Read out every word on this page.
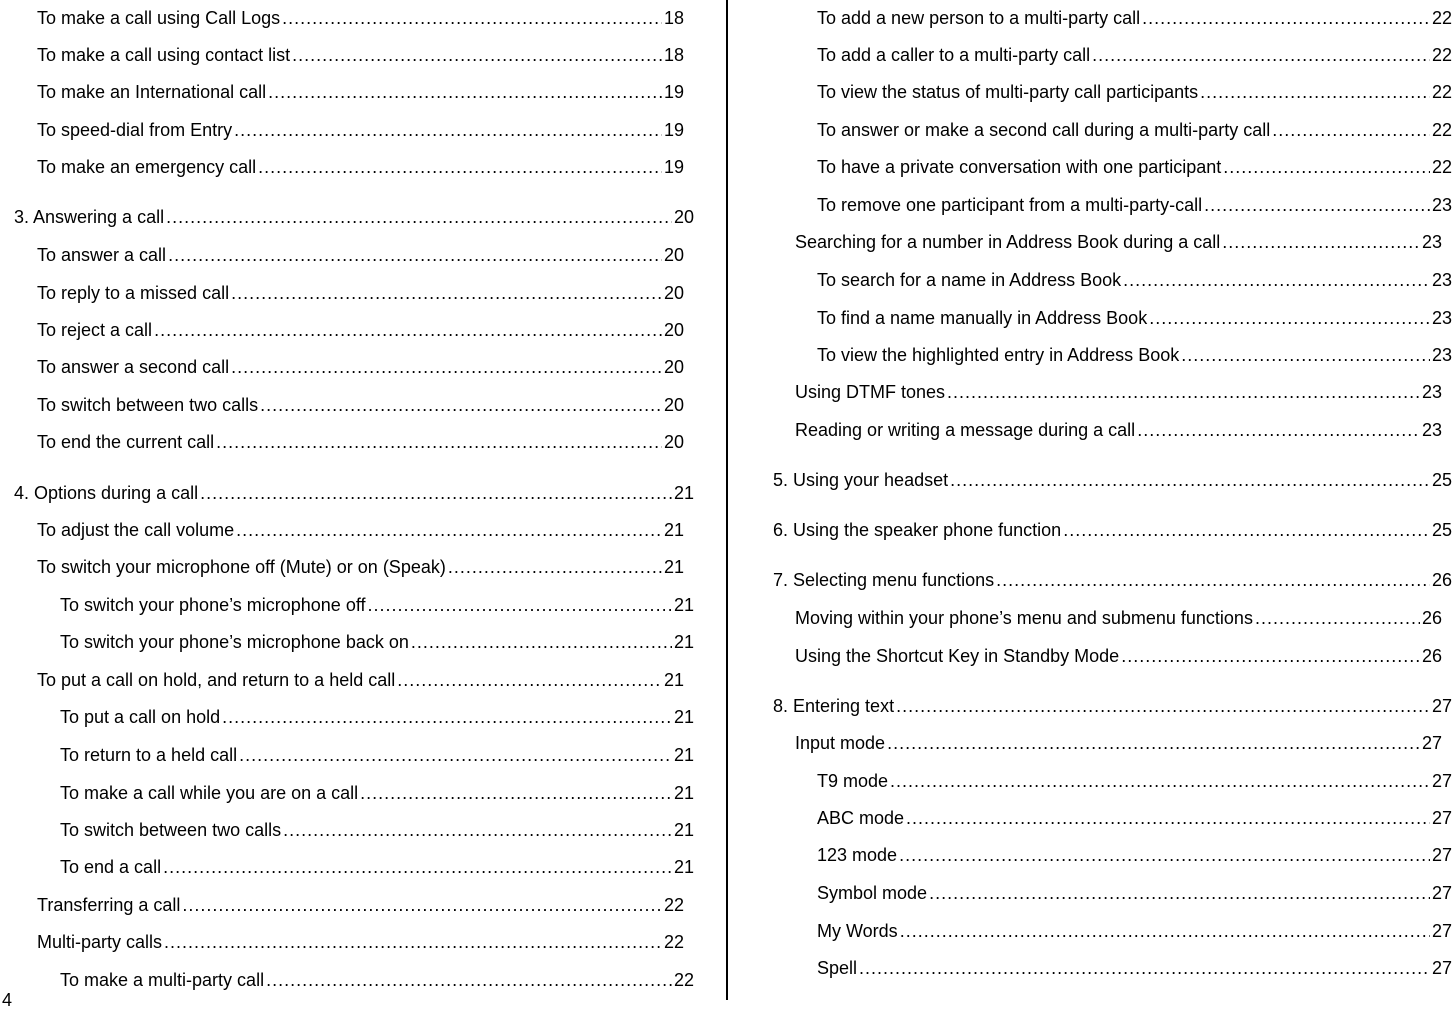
To make a call using Call Logs .....	18
To make a call using contact list .....	18
To make an International call .....	19
To speed-dial from Entry .....	19
To make an emergency call .....	19
3. Answering a call .....	20
To answer a call .....	20
To reply to a missed call .....	20
To reject a call .....	20
To answer a second call .....	20
To switch between two calls .....	20
To end the current call .....	20
4. Options during a call .....	21
To adjust the call volume .....	21
To switch your microphone off (Mute) or on (Speak) .....	21
To switch your phone’s microphone off .....	21
To switch your phone’s microphone back on .....	21
To put a call on hold, and return to a held call .....	21
To put a call on hold .....	21
To return to a held call .....	21
To make a call while you are on a call .....	21
To switch between two calls .....	21
To end a call .....	21
Transferring a call .....	22
Multi-party calls .....	22
To make a multi-party call .....	22
To add a new person to a multi-party call .....	22
To add a caller to a multi-party call .....	22
To view the status of multi-party call participants .....	22
To answer or make a second call during a multi-party call .....	22
To have a private conversation with one participant .....	22
To remove one participant from a multi-party-call .....	23
Searching for a number in Address Book during a call .....	23
To search for a name in Address Book .....	23
To find a name manually in Address Book .....	23
To view the highlighted entry in Address Book .....	23
Using DTMF tones .....	23
Reading or writing a message during a call .....	23
5. Using your headset .....	25
6. Using the speaker phone function .....	25
7. Selecting menu functions .....	26
Moving within your phone’s menu and submenu functions .....	26
Using the Shortcut Key in Standby Mode .....	26
8. Entering text .....	27
Input mode .....	27
T9 mode .....	27
ABC mode .....	27
123 mode .....	27
Symbol mode .....	27
My Words .....	27
Spell .....	27
4
